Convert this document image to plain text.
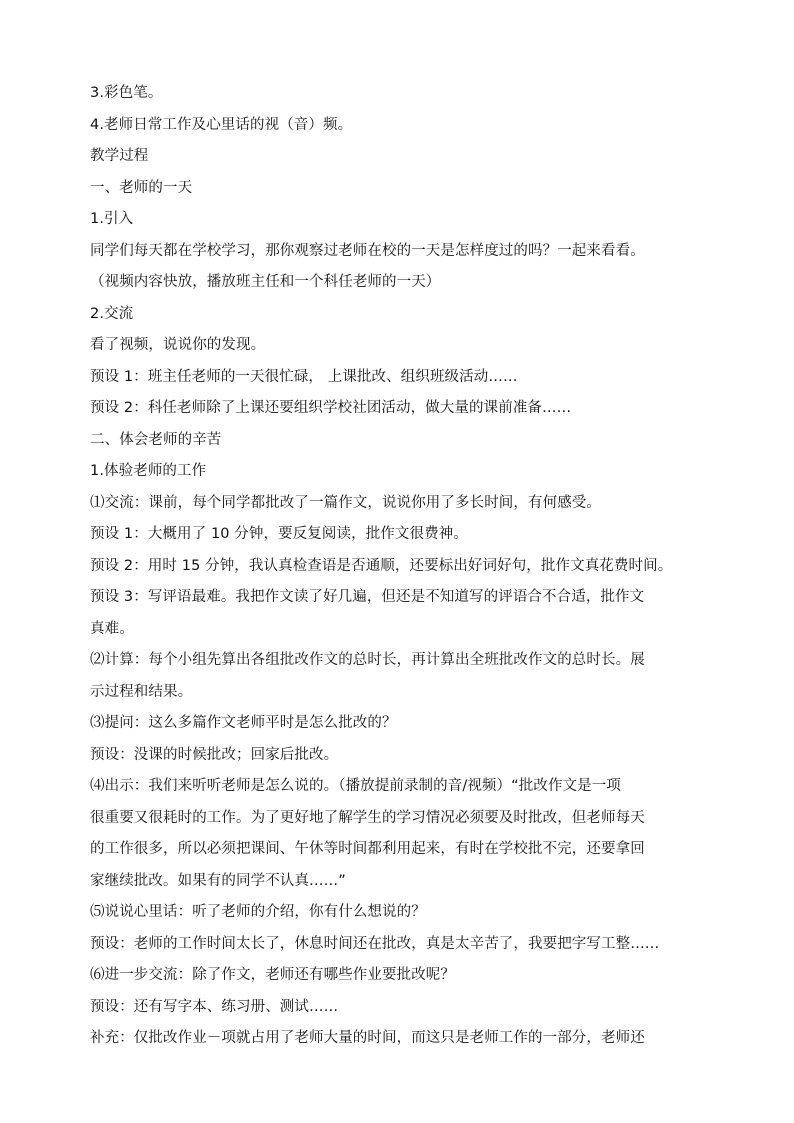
3.彩色笔。
4.老师日常工作及心里话的视（音）频。
教学过程
一、老师的一天
1.引入
同学们每天都在学校学习，那你观察过老师在校的一天是怎样度过的吗？一起来看看。
（视频内容快放，播放班主任和一个科任老师的一天）
2.交流
看了视频，说说你的发现。
预设 1：班主任老师的一天很忙碌， 上课批改、组织班级活动……
预设 2：科任老师除了上课还要组织学校社团活动，做大量的课前准备……
二、体会老师的辛苦
1.体验老师的工作
⑴交流：课前，每个同学都批改了一篇作文，说说你用了多长时间，有何感受。
预设 1：大概用了 10 分钟，要反复阅读，批作文很费神。
预设 2：用时 15 分钟，我认真检查语是否通顺，还要标出好词好句，批作文真花费时间。
预设 3：写评语最难。我把作文读了好几遍，但还是不知道写的评语合不合适，批作文
真难。
⑵计算：每个小组先算出各组批改作文的总时长，再计算出全班批改作文的总时长。展
示过程和结果。
⑶提问：这么多篇作文老师平时是怎么批改的？
预设：没课的时候批改；回家后批改。
⑷出示：我们来听听老师是怎么说的。（播放提前录制的音/视频）“批改作文是一项
很重要又很耗时的工作。为了更好地了解学生的学习情况必须要及时批改，但老师每天
的工作很多，所以必须把课间、午休等时间都利用起来，有时在学校批不完，还要拿回
家继续批改。如果有的同学不认真……”
⑸说说心里话：听了老师的介绍，你有什么想说的？
预设：老师的工作时间太长了，休息时间还在批改，真是太辛苦了，我要把字写工整……
⑹进一步交流：除了作文，老师还有哪些作业要批改呢？
预设：还有写字本、练习册、测试……
补充：仅批改作业－项就占用了老师大量的时间，而这只是老师工作的一部分，老师还
